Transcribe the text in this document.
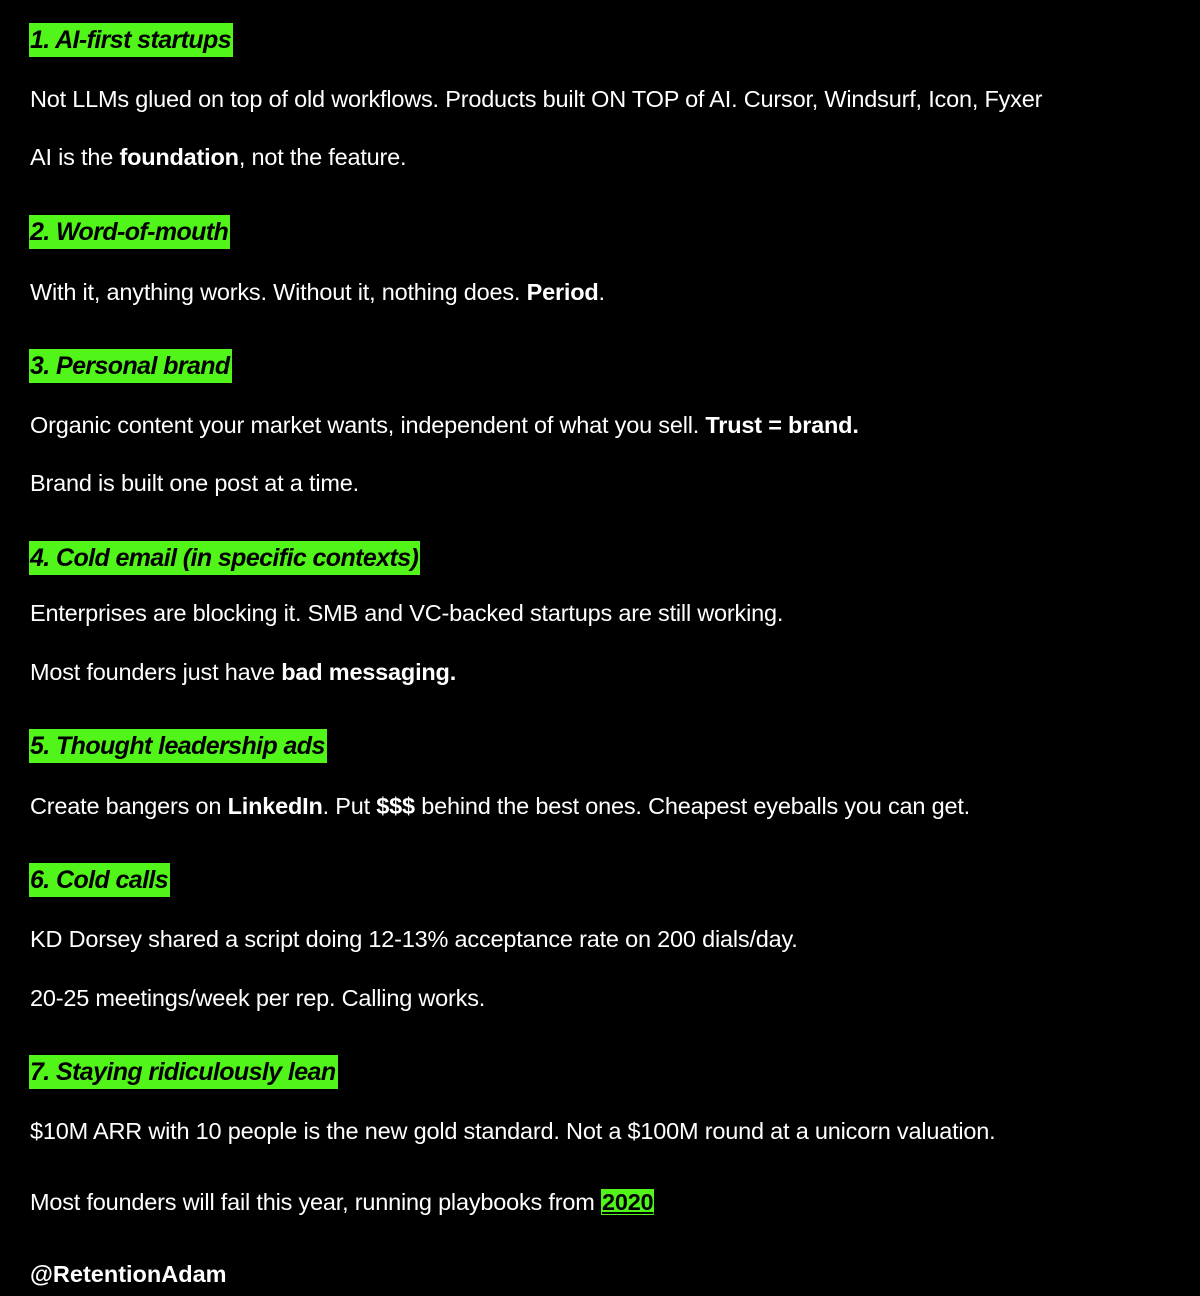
1. AI-first startups
Not LLMs glued on top of old workflows. Products built ON TOP of AI. Cursor, Windsurf, Icon, Fyxer
AI is the foundation, not the feature.
2. Word-of-mouth
With it, anything works. Without it, nothing does. Period.
3. Personal brand
Organic content your market wants, independent of what you sell. Trust = brand.
Brand is built one post at a time.
4. Cold email (in specific contexts)
Enterprises are blocking it. SMB and VC-backed startups are still working.
Most founders just have bad messaging.
5. Thought leadership ads
Create bangers on LinkedIn. Put $$$ behind the best ones. Cheapest eyeballs you can get.
6. Cold calls
KD Dorsey shared a script doing 12-13% acceptance rate on 200 dials/day.
20-25 meetings/week per rep. Calling works.
7. Staying ridiculously lean
$10M ARR with 10 people is the new gold standard. Not a $100M round at a unicorn valuation.
Most founders will fail this year, running playbooks from 2020
@RetentionAdam
